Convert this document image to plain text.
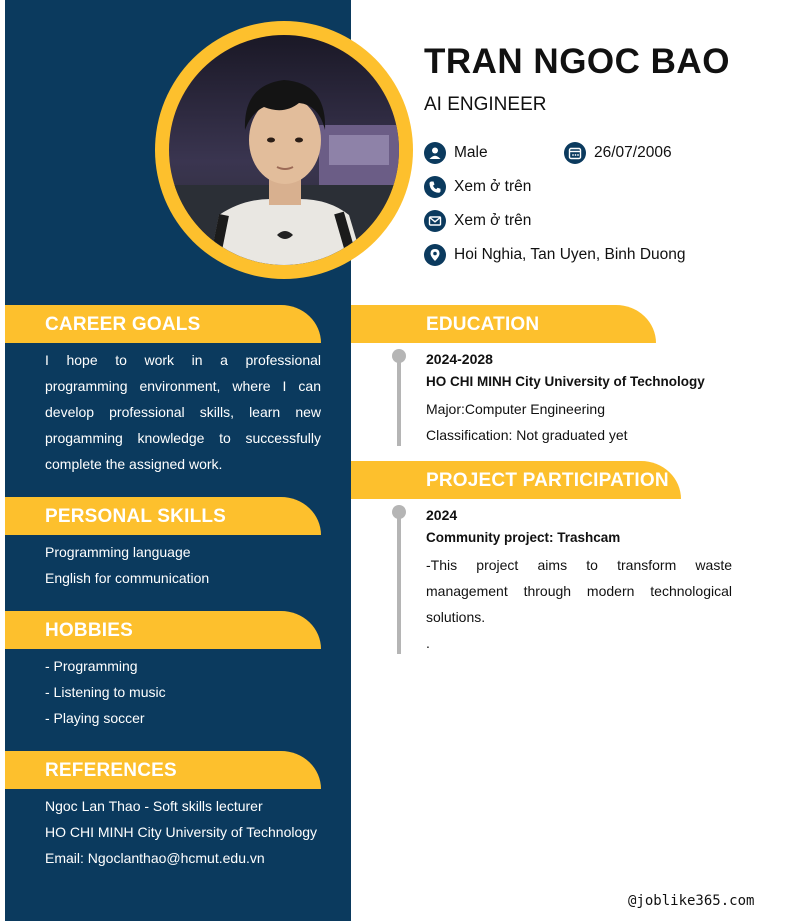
TRAN NGOC BAO
AI ENGINEER
Male	26/07/2006
Xem ở trên
Xem ở trên
Hoi Nghia, Tan Uyen, Binh Duong
CAREER GOALS
I hope to work in a professional programming environment, where I can develop professional skills, learn new progamming knowledge to successfully complete the assigned work.
PERSONAL SKILLS
Programming language
English for communication
HOBBIES
- Programming
- Listening to music
- Playing soccer
REFERENCES
Ngoc Lan Thao - Soft skills lecturer
HO CHI MINH City University of Technology
Email: Ngoclanthao@hcmut.edu.vn
EDUCATION
2024-2028
HO CHI MINH City University of Technology
Major:Computer Engineering
Classification: Not graduated yet
PROJECT PARTICIPATION
2024
Community project: Trashcam
-This project aims to transform waste management through modern technological solutions.
.
@joblike365.com
